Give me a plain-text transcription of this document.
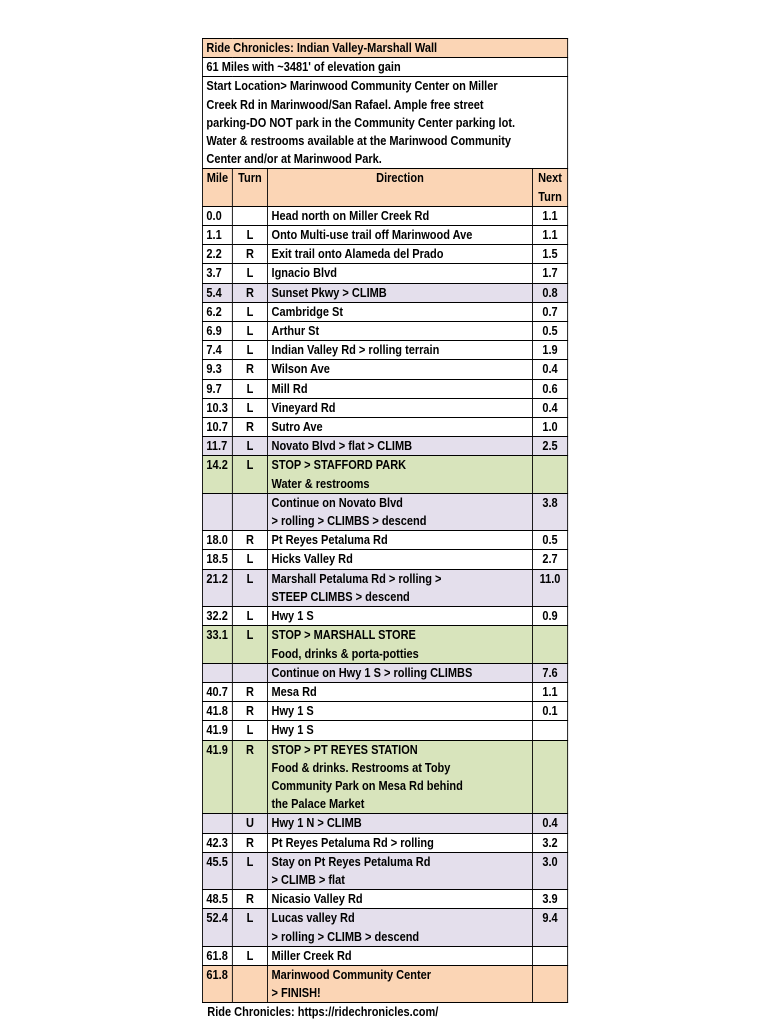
Ride Chronicles: Indian Valley-Marshall Wall			
61 Miles with ~3481' of elevation gain			

Start Location> Marinwood Community Center on Miller
Creek Rd in Marinwood/San Rafael. Ample free street
parking-DO NOT park in the Community Center parking lot.
Water & restrooms available at the Marinwood Community
Center and/or at Marinwood Park.			

Mile	Turn	Direction	Next
Turn

0.0		Head north on Miller Creek Rd	1.1
1.1	L	Onto Multi-use trail off Marinwood Ave	1.1
2.2	R	Exit trail onto Alameda del Prado	1.5
3.7	L	Ignacio Blvd	1.7
5.4	R	Sunset Pkwy > CLIMB	0.8
6.2	L	Cambridge St	0.7
6.9	L	Arthur St	0.5
7.4	L	Indian Valley Rd > rolling terrain	1.9
9.3	R	Wilson Ave	0.4
9.7	L	Mill Rd	0.6
10.3	L	Vineyard Rd	0.4
10.7	R	Sutro Ave	1.0
11.7	L	Novato Blvd > flat > CLIMB	2.5
14.2	L	STOP > STAFFORD PARK
Water & restrooms	

		Continue on Novato Blvd
> rolling > CLIMBS > descend	3.8
18.0	R	Pt Reyes Petaluma Rd	0.5
18.5	L	Hicks Valley Rd	2.7
21.2	L	Marshall Petaluma Rd > rolling >
STEEP CLIMBS > descend	11.0
32.2	L	Hwy 1 S	0.9
33.1	L	STOP > MARSHALL STORE
Food, drinks & porta-potties	

		Continue on Hwy 1 S > rolling CLIMBS	7.6
40.7	R	Mesa Rd	1.1
41.8	R	Hwy 1 S	0.1
41.9	L	Hwy 1 S	

41.9	R	STOP > PT REYES STATION
Food & drinks. Restrooms at Toby
Community Park on Mesa Rd behind
the Palace Market	

	U	Hwy 1 N > CLIMB	0.4
42.3	R	Pt Reyes Petaluma Rd > rolling	3.2
45.5	L	Stay on Pt Reyes Petaluma Rd
> CLIMB > flat	3.0
48.5	R	Nicasio Valley Rd	3.9
52.4	L	Lucas valley Rd
> rolling > CLIMB > descend	9.4
61.8	L	Miller Creek Rd	

61.8		Marinwood Community Center
> FINISH!	

Ride Chronicles: https://ridechronicles.com/
